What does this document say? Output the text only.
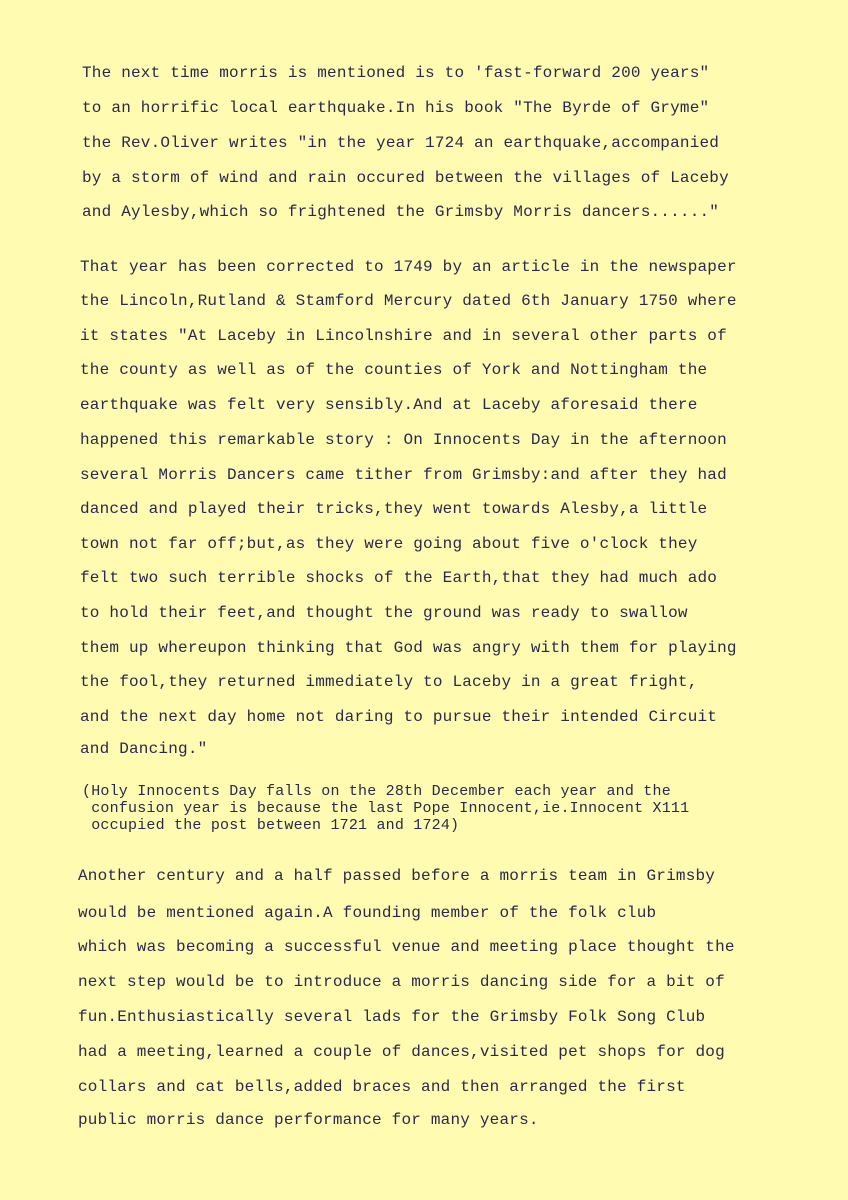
The next time morris is mentioned is to 'fast-forward 200 years"
to an horrific local earthquake.In his book "The Byrde of Gryme"
the Rev.Oliver writes "in the year 1724 an earthquake,accompanied
by a storm of wind and rain occured between the villages of Laceby
and Aylesby,which so frightened the Grimsby Morris dancers......"
That year has been corrected to 1749 by an article in the newspaper
the Lincoln,Rutland & Stamford Mercury dated 6th January 1750 where
it states "At Laceby in Lincolnshire and in several other parts of
the county as well as of the counties of York and Nottingham the
earthquake was felt very sensibly.And at Laceby aforesaid there
happened this remarkable story : On Innocents Day in the afternoon
several Morris Dancers came tither from Grimsby:and after they had
danced and played their tricks,they went towards Alesby,a little
town not far off;but,as they were going about five o'clock they
felt two such terrible shocks of the Earth,that they had much ado
to hold their feet,and thought the ground was ready to swallow
them up whereupon thinking that God was angry with them for playing
the fool,they returned immediately to Laceby in a great fright,
and the next day home not daring to pursue their intended Circuit
and Dancing."
(Holy Innocents Day falls on the 28th December each year and the
confusion year is because the last Pope Innocent,ie.Innocent X111
occupied the post between 1721 and 1724)
Another century and a half passed before a morris team in Grimsby
would be mentioned again.A founding member of the folk club
which was becoming a successful venue and meeting place thought the
next step would be to introduce a morris dancing side for a bit of
fun.Enthusiastically several lads for the Grimsby Folk Song Club
had a meeting,learned a couple of dances,visited pet shops for dog
collars and cat bells,added braces and then arranged the first
public morris dance performance for many years.
